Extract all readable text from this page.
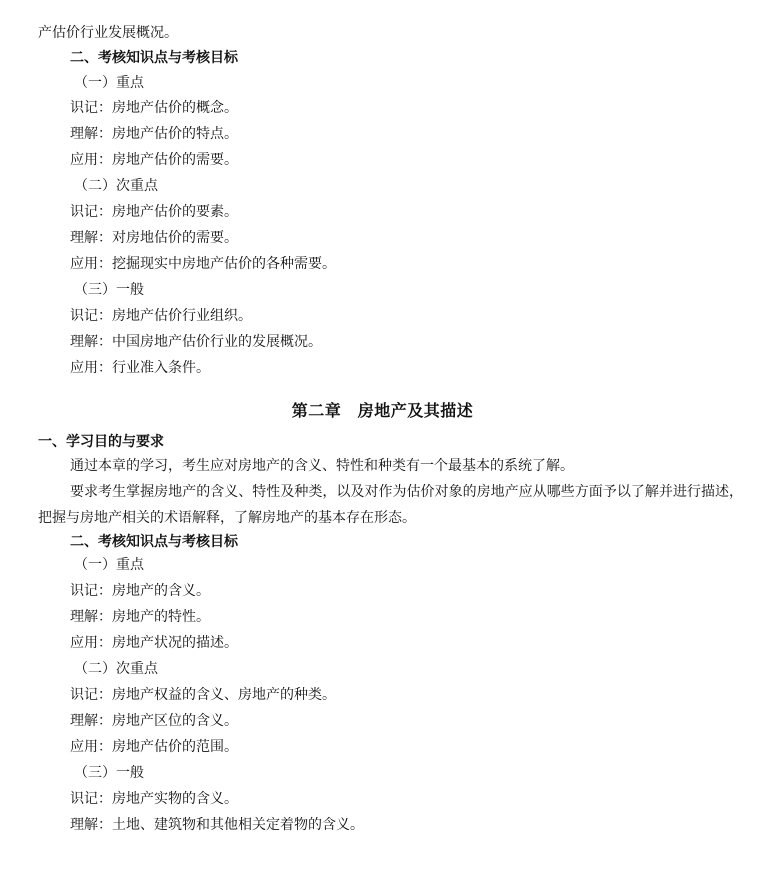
产估价行业发展概况。
二、考核知识点与考核目标
（一）重点
识记：房地产估价的概念。
理解：房地产估价的特点。
应用：房地产估价的需要。
（二）次重点
识记：房地产估价的要素。
理解：对房地估价的需要。
应用：挖掘现实中房地产估价的各种需要。
（三）一般
识记：房地产估价行业组织。
理解：中国房地产估价行业的发展概况。
应用：行业准入条件。
第二章　房地产及其描述
一、学习目的与要求
通过本章的学习，考生应对房地产的含义、特性和种类有一个最基本的系统了解。
要求考生掌握房地产的含义、特性及种类，以及对作为估价对象的房地产应从哪些方面予以了解并进行描述，把握与房地产相关的术语解释，了解房地产的基本存在形态。
二、考核知识点与考核目标
（一）重点
识记：房地产的含义。
理解：房地产的特性。
应用：房地产状况的描述。
（二）次重点
识记：房地产权益的含义、房地产的种类。
理解：房地产区位的含义。
应用：房地产估价的范围。
（三）一般
识记：房地产实物的含义。
理解：土地、建筑物和其他相关定着物的含义。
